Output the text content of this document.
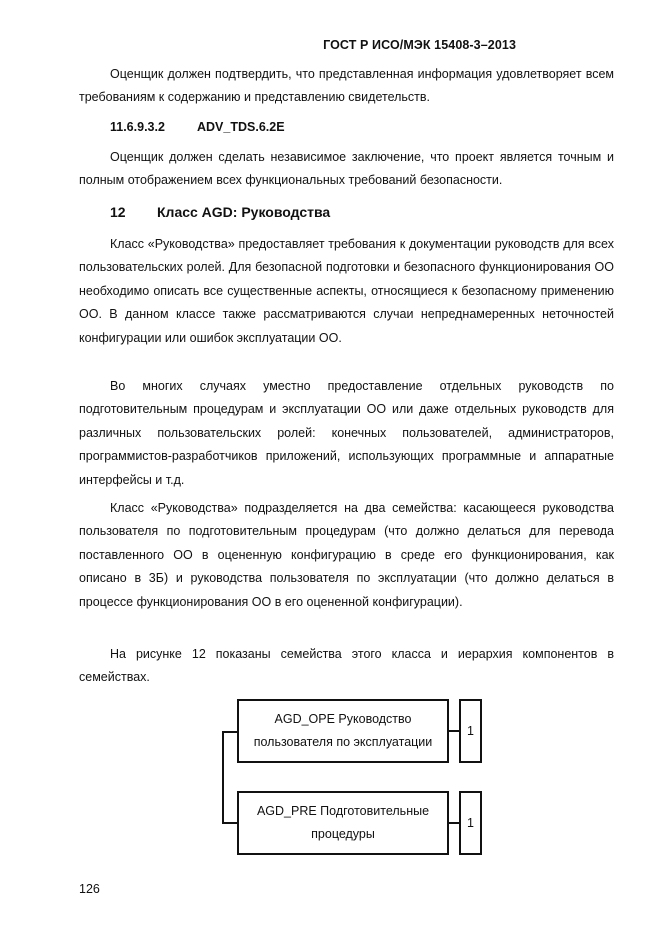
ГОСТ Р ИСО/МЭК 15408-3–2013

Оценщик должен подтвердить, что представленная информация удовлетворяет всем требованиям к содержанию и представлению свидетельств.

11.6.9.3.2	ADV_TDS.6.2E

Оценщик должен сделать независимое заключение, что проект является точным и полным отображением всех функциональных требований безопасности.

12 Класс AGD: Руководства

Класс «Руководства» предоставляет требования к документации руководств для всех пользовательских ролей. Для безопасной подготовки и безопасного функционирования ОО необходимо описать все существенные аспекты, относящиеся к безопасному применению ОО. В данном классе также рассматриваются случаи непреднамеренных неточностей конфигурации или ошибок эксплуатации ОО.

Во многих случаях уместно предоставление отдельных руководств по подготовительным процедурам и эксплуатации ОО или даже отдельных руководств для различных пользовательских ролей: конечных пользователей, администраторов, программистов-разработчиков приложений, использующих программные и аппаратные интерфейсы и т.д.

Класс «Руководства» подразделяется на два семейства: касающееся руководства пользователя по подготовительным процедурам (что должно делаться для перевода поставленного ОО в оцененную конфигурацию в среде его функционирования, как описано в 3Б) и руководства пользователя по эксплуатации (что должно делаться в процессе функционирования ОО в его оцененной конфигурации).

На рисунке 12 показаны семейства этого класса и иерархия компонентов в семействах.

AGD_OPE Руководство
пользователя по эксплуатации
1
AGD_PRE Подготовительные
процедуры
1
126
